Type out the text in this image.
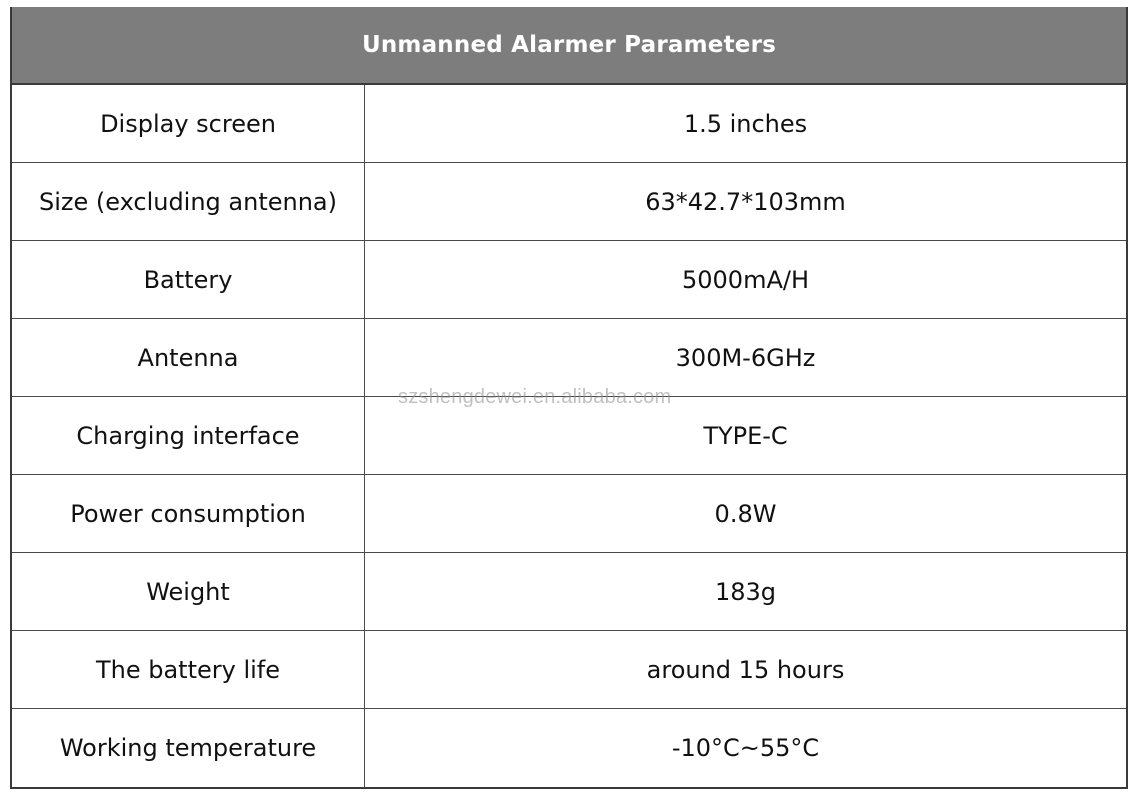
Unmanned Alarmer Parameters
Display screen	1.5 inches
Size (excluding antenna)	63*42.7*103mm
Battery	5000mA/H
Antenna	300M-6GHz
Charging interface	TYPE-C
Power consumption	0.8W
Weight	183g
The battery life	around 15 hours
Working temperature	-10°C~55°C
szshengdewei.en.alibaba.com
